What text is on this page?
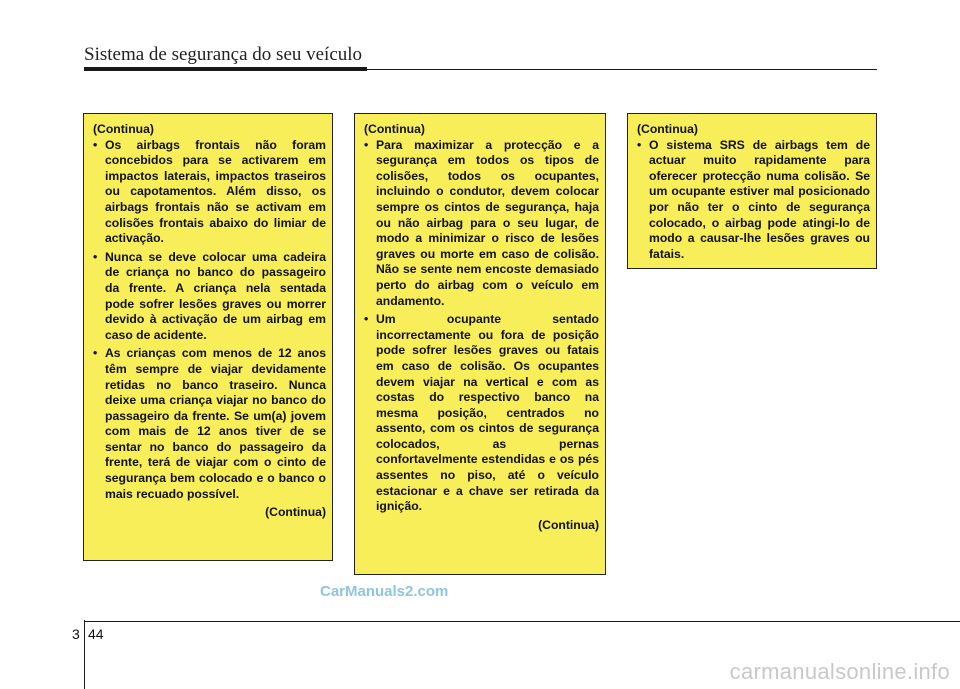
Sistema de segurança do seu veículo
(Continua)
• Os airbags frontais não foram concebidos para se activarem em impactos laterais, impactos traseiros ou capotamentos. Além disso, os airbags frontais não se activam em colisões frontais abaixo do limiar de activação.
• Nunca se deve colocar uma cadeira de criança no banco do passageiro da frente. A criança nela sentada pode sofrer lesões graves ou morrer devido à activação de um airbag em caso de acidente.
• As crianças com menos de 12 anos têm sempre de viajar devidamente retidas no banco traseiro. Nunca deixe uma criança viajar no banco do passageiro da frente. Se um(a) jovem com mais de 12 anos tiver de se sentar no banco do passageiro da frente, terá de viajar com o cinto de segurança bem colocado e o banco o mais recuado possível.
(Continua)
(Continua)
• Para maximizar a protecção e a segurança em todos os tipos de colisões, todos os ocupantes, incluindo o condutor, devem colocar sempre os cintos de segurança, haja ou não airbag para o seu lugar, de modo a minimizar o risco de lesões graves ou morte em caso de colisão. Não se sente nem encoste demasiado perto do airbag com o veículo em andamento.
• Um ocupante sentado incorrectamente ou fora de posição pode sofrer lesões graves ou fatais em caso de colisão. Os ocupantes devem viajar na vertical e com as costas do respectivo banco na mesma posição, centrados no assento, com os cintos de segurança colocados, as pernas confortavelmente estendidas e os pés assentes no piso, até o veículo estacionar e a chave ser retirada da ignição.
(Continua)
(Continua)
• O sistema SRS de airbags tem de actuar muito rapidamente para oferecer protecção numa colisão. Se um ocupante estiver mal posicionado por não ter o cinto de segurança colocado, o airbag pode atingi-lo de modo a causar-lhe lesões graves ou fatais.
CarManuals2.com
3 44
carmanualsonline.info
